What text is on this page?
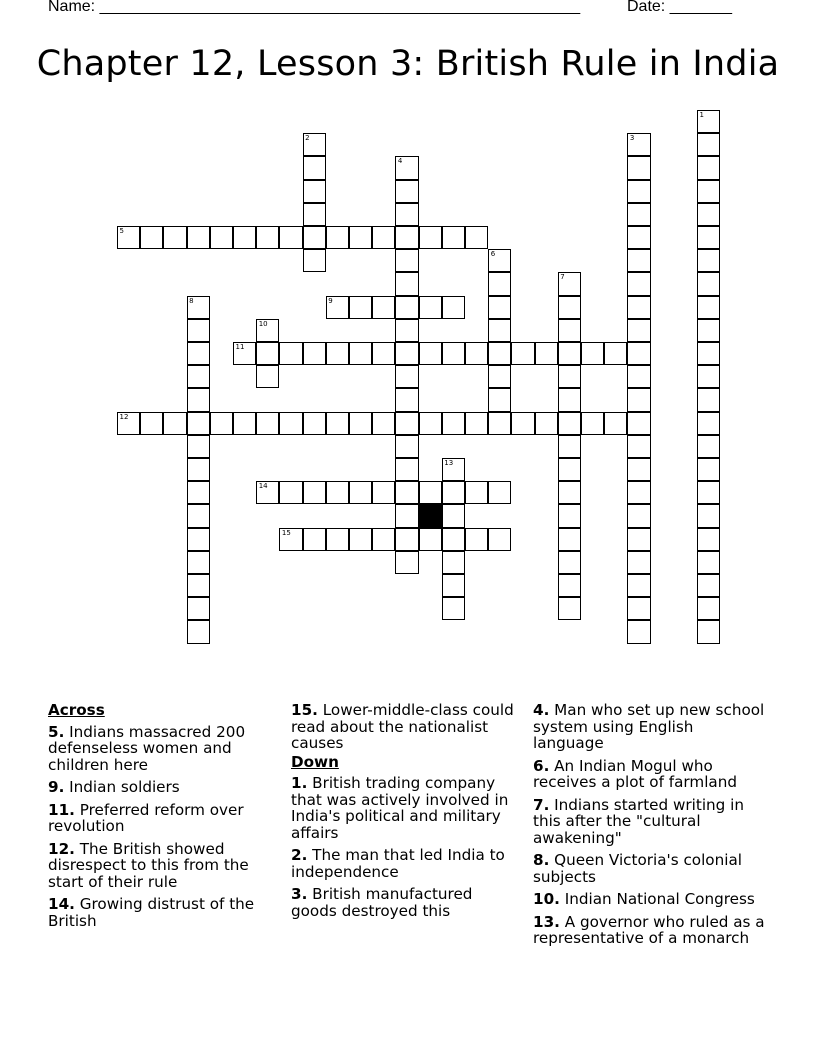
Name: ______________________________________________________	Date: _______
Chapter 12, Lesson 3: British Rule in India
1
2	3
4
5
6
7
8	9
10
11
12
13
14
15
Across
5. Indians massacred 200 defenseless women and children here
9. Indian soldiers
11. Preferred reform over revolution
12. The British showed disrespect to this from the start of their rule
14. Growing distrust of the British
15. Lower-middle-class could read about the nationalist causes
Down
1. British trading company that was actively involved in India's political and military affairs
2. The man that led India to independence
3. British manufactured goods destroyed this
4. Man who set up new school system using English language
6. An Indian Mogul who receives a plot of farmland
7. Indians started writing in this after the "cultural awakening"
8. Queen Victoria's colonial subjects
10. Indian National Congress
13. A governor who ruled as a representative of a monarch
